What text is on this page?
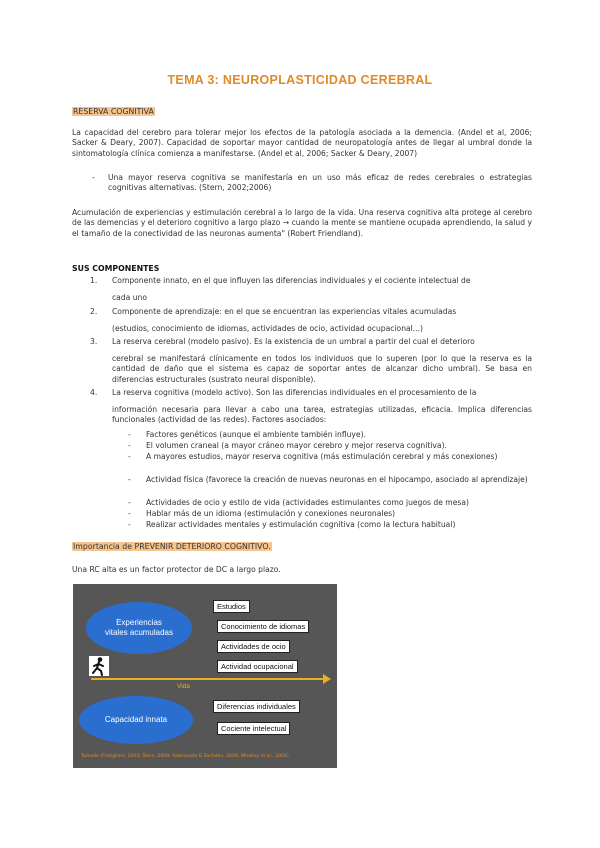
TEMA 3: NEUROPLASTICIDAD CEREBRAL
RESERVA COGNITIVA

La capacidad del cerebro para tolerar mejor los efectos de la patología asociada a la demencia. (Andel et al, 2006; Sacker & Deary, 2007). Capacidad de soportar mayor cantidad de neuropatología antes de llegar al umbral donde la sintomatología clínica comienza a manifestarse. (Andel et al, 2006; Sacker & Deary, 2007)

- Una mayor reserva cognitiva se manifestaría en un uso más eficaz de redes cerebrales o estrategias cognitivas alternativas. (Stern, 2002;2006)

Acumulación de experiencias y estimulación cerebral a lo largo de la vida. Una reserva cognitiva alta protege al cerebro de las demencias y el deterioro cognitivo a largo plazo → cuando la mente se mantiene ocupada aprendiendo, la salud y el tamaño de la conectividad de las neuronas aumenta" (Robert Friendland).

SUS COMPONENTES
1. Componente innato, en el que influyen las diferencias individuales y el cociente intelectual de
cada uno
2. Componente de aprendizaje: en el que se encuentran las experiencias vitales acumuladas
(estudios, conocimiento de idiomas, actividades de ocio, actividad ocupacional...)
3. La reserva cerebral (modelo pasivo). Es la existencia de un umbral a partir del cual el deterioro
cerebral se manifestará clínicamente en todos los individuos que lo superen (por lo que la reserva es la cantidad de daño que el sistema es capaz de soportar antes de alcanzar dicho umbral). Se basa en diferencias estructurales (sustrato neural disponible).
4. La reserva cognitiva (modelo activo). Son las diferencias individuales en el procesamiento de la
información necesaria para llevar a cabo una tarea, estrategias utilizadas, eficacia. Implica diferencias funcionales (actividad de las redes). Factores asociados:
- Factores genéticos (aunque el ambiente también influye).
- El volumen craneal (a mayor cráneo mayor cerebro y mejor reserva cognitiva).
- A mayores estudios, mayor reserva cognitiva (más estimulación cerebral y más conexiones)
- Actividad física (favorece la creación de nuevas neuronas en el hipocampo, asociado al aprendizaje)
- Actividades de ocio y estilo de vida (actividades estimulantes como juegos de mesa)
- Hablar más de un idioma (estimulación y conexiones neuronales)
- Realizar actividades mentales y estimulación cognitiva (como la lectura habitual)
Importancia de PREVENIR DETERIORO COGNITIVO.

Una RC alta es un factor protector de DC a largo plazo.

Experiencias vitales acumuladas
Estudios
Conocimiento de idiomas
Actividades de ocio
Actividad ocupacional
Vida
Capacidad innata
Diferencias individuales
Cociente intelectual
Tomado (Fratiglioni, 2004; Stern, 2009; Valenzuela & Sachdev, 2006; Whalley et al., 2004)
